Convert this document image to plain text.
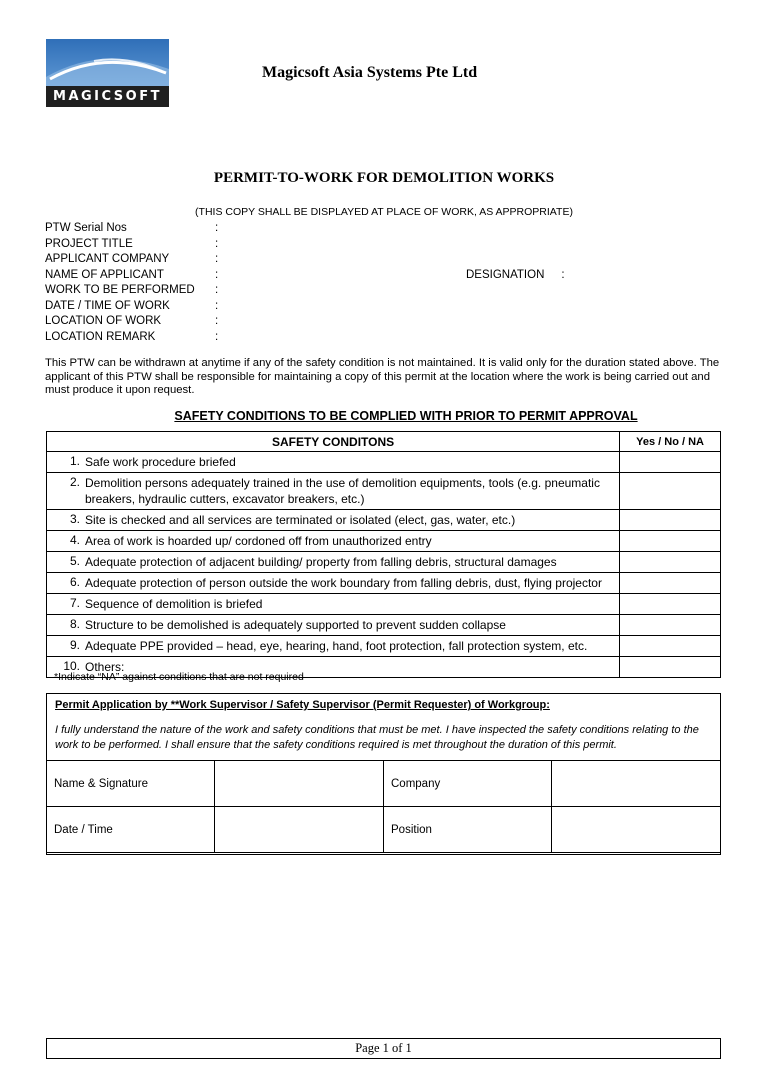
MAGICSOFT
Magicsoft Asia Systems Pte Ltd
PERMIT-TO-WORK FOR DEMOLITION WORKS
(THIS COPY SHALL BE DISPLAYED AT PLACE OF WORK, AS APPROPRIATE)
PTW Serial Nos	:
PROJECT TITLE	:
APPLICANT COMPANY	:
NAME OF APPLICANT	:
WORK TO BE PERFORMED :
DATE / TIME OF WORK	:
LOCATION OF WORK	:
LOCATION REMARK	:
DESIGNATION :
This PTW can be withdrawn at anytime if any of the safety condition is not maintained. It is valid only for the duration stated above. The applicant of this PTW shall be responsible for maintaining a copy of this permit at the location where the work is being carried out and must produce it upon request.
SAFETY CONDITIONS TO BE COMPLIED WITH PRIOR TO PERMIT APPROVAL
SAFETY CONDITONS	Yes / No / NA

1. Safe work procedure briefed	

2. Demolition persons adequately trained in the use of demolition equipments, tools (e.g. pneumatic breakers, hydraulic cutters, excavator breakers, etc.)	

3. Site is checked and all services are terminated or isolated (elect, gas, water, etc.)	

4. Area of work is hoarded up/ cordoned off from unauthorized entry	

5. Adequate protection of adjacent building/ property from falling debris, structural damages	

6. Adequate protection of person outside the work boundary from falling debris, dust, flying projector	

7. Sequence of demolition is briefed	

8. Structure to be demolished is adequately supported to prevent sudden collapse	

9. Adequate PPE provided – head, eye, hearing, hand, foot protection, fall protection system, etc.	

10. Others:	

*Indicate “NA” against conditions that are not required
Permit Application by **Work Supervisor / Safety Supervisor (Permit Requester) of Workgroup:
I fully understand the nature of the work and safety conditions that must be met. I have inspected the safety conditions relating to the work to be performed. I shall ensure that the safety conditions required is met throughout the duration of this permit.
Name & Signature		Company	
Date / Time		Position	
Page 1 of 1
